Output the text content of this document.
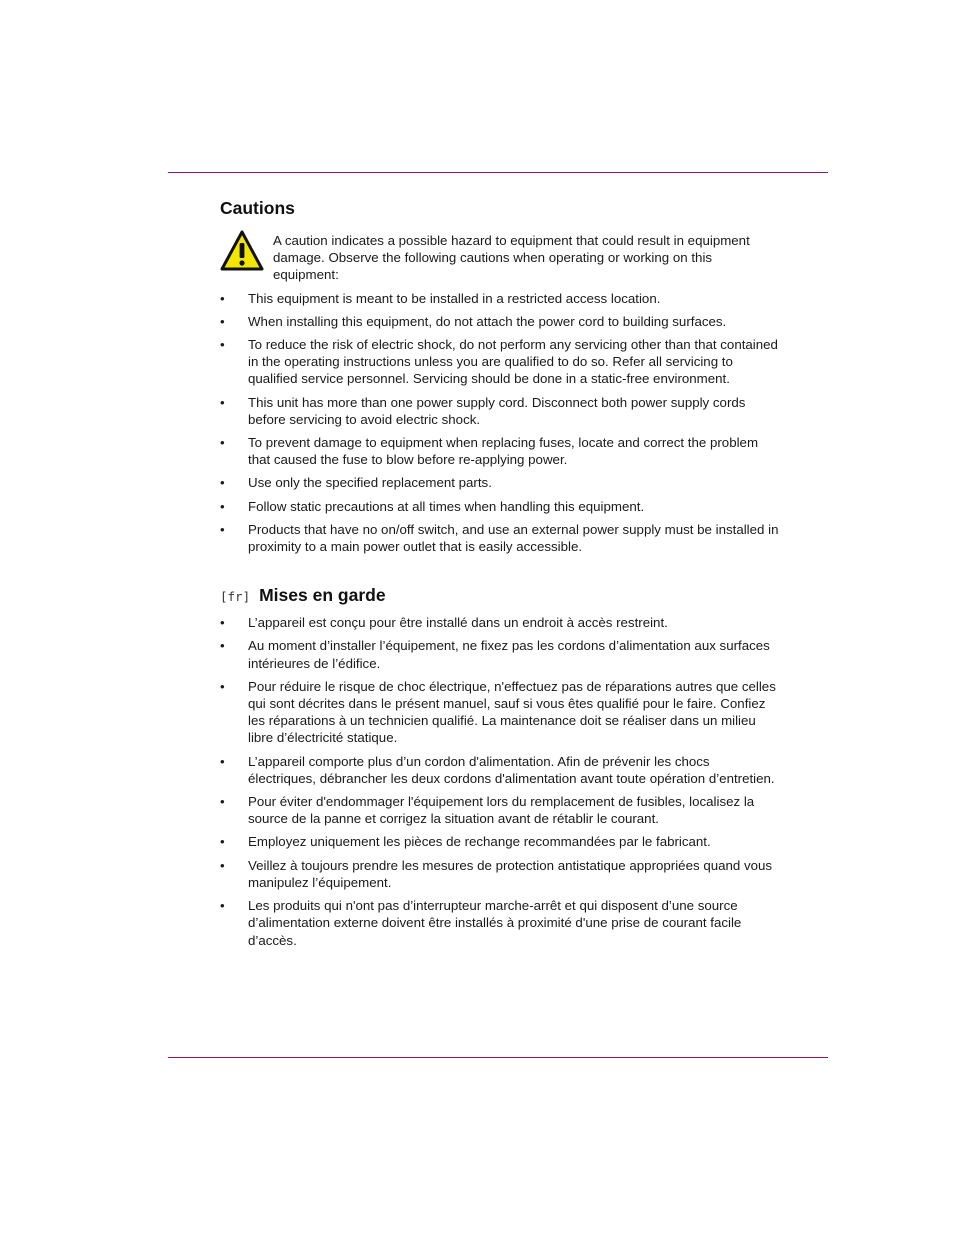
Cautions

A caution indicates a possible hazard to equipment that could result in equipment damage. Observe the following cautions when operating or working on this equipment:

• This equipment is meant to be installed in a restricted access location.
• When installing this equipment, do not attach the power cord to building surfaces.
• To reduce the risk of electric shock, do not perform any servicing other than that contained in the operating instructions unless you are qualified to do so. Refer all servicing to qualified service personnel. Servicing should be done in a static-free environment.
• This unit has more than one power supply cord. Disconnect both power supply cords before servicing to avoid electric shock.
• To prevent damage to equipment when replacing fuses, locate and correct the problem that caused the fuse to blow before re-applying power.
• Use only the specified replacement parts.
• Follow static precautions at all times when handling this equipment.
• Products that have no on/off switch, and use an external power supply must be installed in proximity to a main power outlet that is easily accessible.
[fr] Mises en garde
• L’appareil est conçu pour être installé dans un endroit à accès restreint.
• Au moment d’installer l’équipement, ne fixez pas les cordons d’alimentation aux surfaces intérieures de l’édifice.
• Pour réduire le risque de choc électrique, n'effectuez pas de réparations autres que celles qui sont décrites dans le présent manuel, sauf si vous êtes qualifié pour le faire. Confiez les réparations à un technicien qualifié. La maintenance doit se réaliser dans un milieu libre d’électricité statique.
• L’appareil comporte plus d’un cordon d'alimentation. Afin de prévenir les chocs électriques, débrancher les deux cordons d'alimentation avant toute opération d’entretien.
• Pour éviter d'endommager l'équipement lors du remplacement de fusibles, localisez la source de la panne et corrigez la situation avant de rétablir le courant.
• Employez uniquement les pièces de rechange recommandées par le fabricant.
• Veillez à toujours prendre les mesures de protection antistatique appropriées quand vous manipulez l’équipement.
• Les produits qui n'ont pas d’interrupteur marche-arrêt et qui disposent d’une source d’alimentation externe doivent être installés à proximité d'une prise de courant facile d’accès.
